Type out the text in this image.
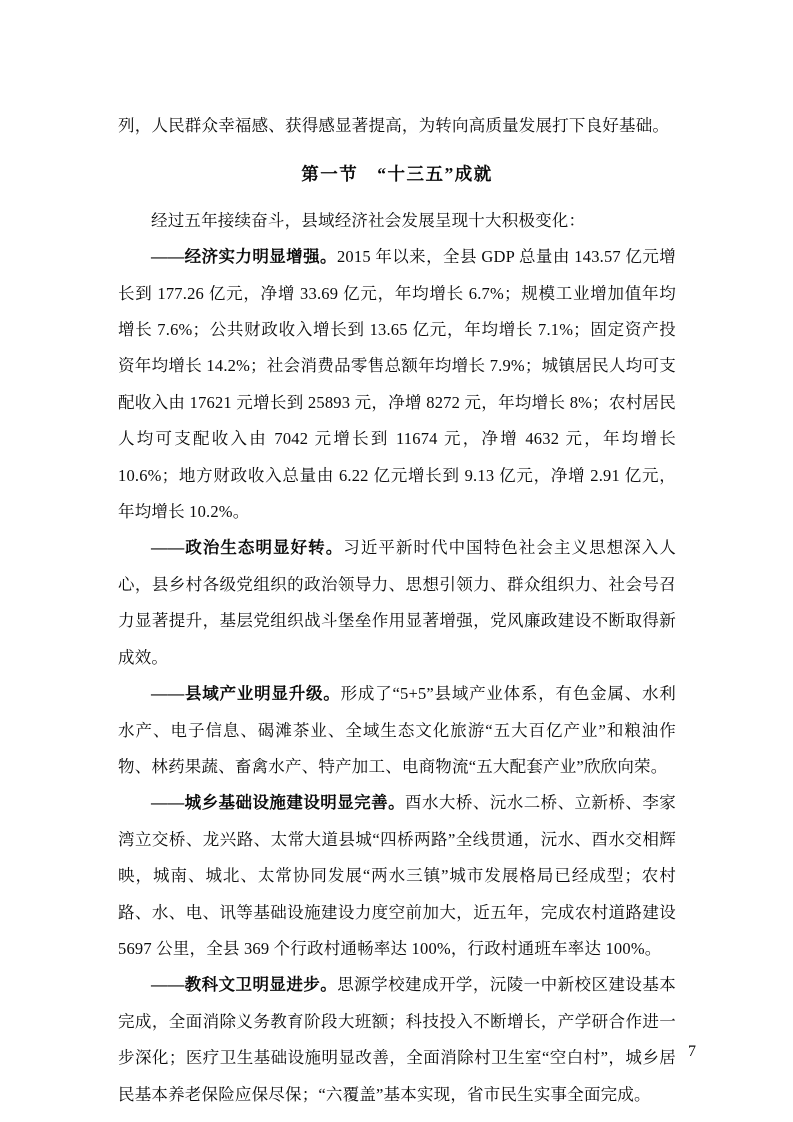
列，人民群众幸福感、获得感显著提高，为转向高质量发展打下良好基础。

第一节　“十三五”成就

经过五年接续奋斗，县域经济社会发展呈现十大积极变化：

——经济实力明显增强。2015 年以来，全县 GDP 总量由 143.57 亿元增长到 177.26 亿元，净增 33.69 亿元，年均增长 6.7%；规模工业增加值年均增长 7.6%；公共财政收入增长到 13.65 亿元，年均增长 7.1%；固定资产投资年均增长 14.2%；社会消费品零售总额年均增长 7.9%；城镇居民人均可支配收入由 17621 元增长到 25893 元，净增 8272 元，年均增长 8%；农村居民人均可支配收入由 7042 元增长到 11674 元，净增 4632 元，年均增长 10.6%；地方财政收入总量由 6.22 亿元增长到 9.13 亿元，净增 2.91 亿元，年均增长 10.2%。

——政治生态明显好转。习近平新时代中国特色社会主义思想深入人心，县乡村各级党组织的政治领导力、思想引领力、群众组织力、社会号召力显著提升，基层党组织战斗堡垒作用显著增强，党风廉政建设不断取得新成效。

——县域产业明显升级。形成了“5+5”县域产业体系，有色金属、水利水产、电子信息、碣滩茶业、全域生态文化旅游“五大百亿产业”和粮油作物、林药果蔬、畜禽水产、特产加工、电商物流“五大配套产业”欣欣向荣。

——城乡基础设施建设明显完善。酉水大桥、沅水二桥、立新桥、李家湾立交桥、龙兴路、太常大道县城“四桥两路”全线贯通，沅水、酉水交相辉映，城南、城北、太常协同发展“两水三镇”城市发展格局已经成型；农村路、水、电、讯等基础设施建设力度空前加大，近五年，完成农村道路建设 5697 公里，全县 369 个行政村通畅率达 100%，行政村通班车率达 100%。

——教科文卫明显进步。思源学校建成开学，沅陵一中新校区建设基本完成，全面消除义务教育阶段大班额；科技投入不断增长，产学研合作进一步深化；医疗卫生基础设施明显改善，全面消除村卫生室“空白村”，城乡居民基本养老保险应保尽保；“六覆盖”基本实现，省市民生实事全面完成。

7
